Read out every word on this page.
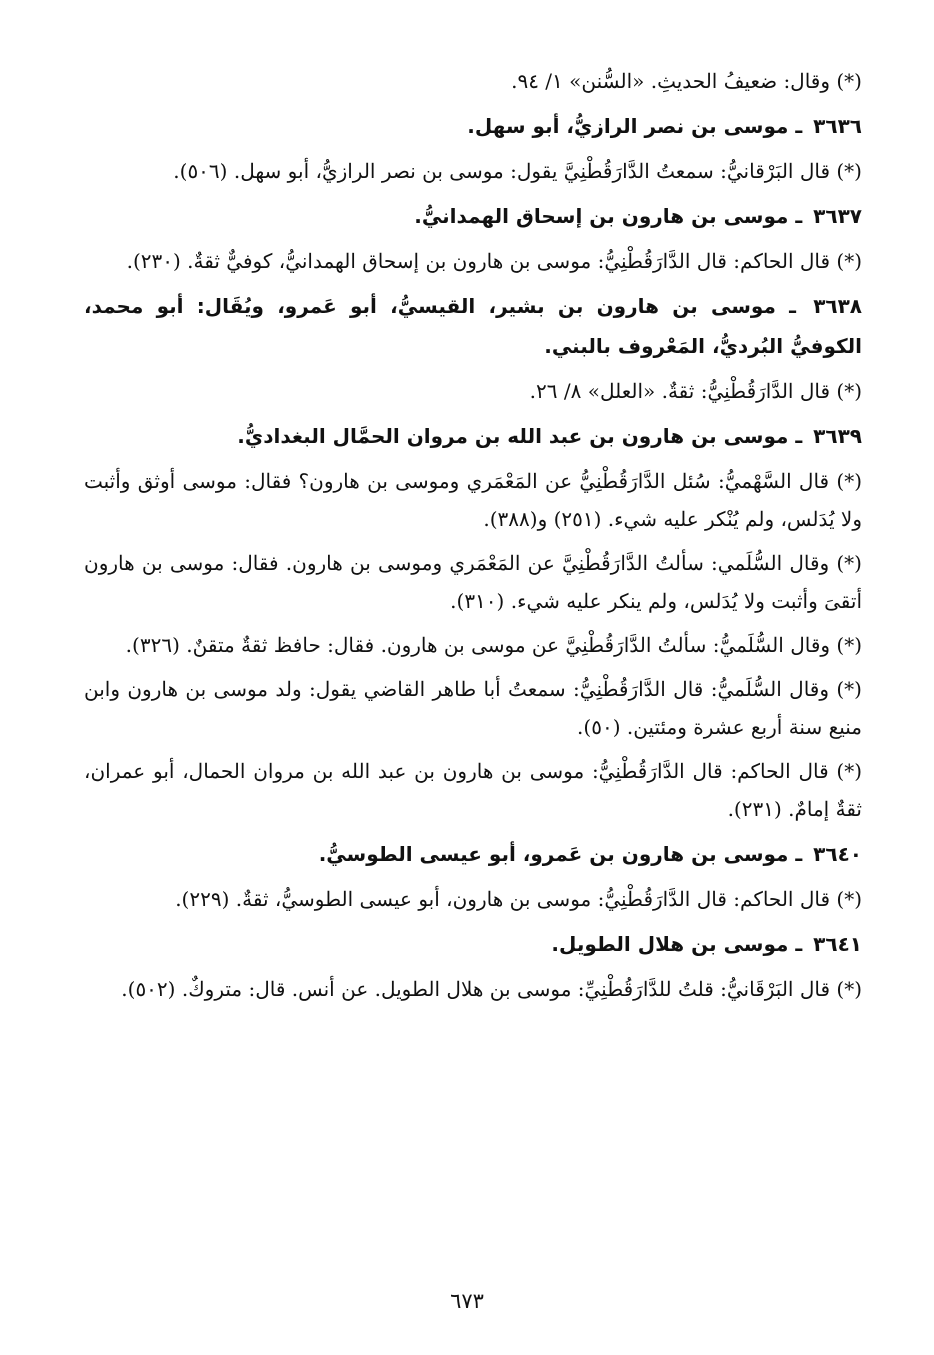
(*) وقال: ضعيفُ الحديثِ. «السُّنن» ١/ ٩٤.

٣٦٣٦ ـ موسى بن نصر الرازيُّ، أبو سهل.

(*) قال البَرْقانيُّ: سمعتُ الدَّارَقُطْنِيَّ يقول: موسى بن نصر الرازيُّ، أبو سهل. (٥٠٦).

٣٦٣٧ ـ موسى بن هارون بن إسحاق الهمدانيُّ.

(*) قال الحاكم: قال الدَّارَقُطْنِيُّ: موسى بن هارون بن إسحاق الهمدانيُّ، كوفيٌّ ثقةٌ. (٢٣٠).

٣٦٣٨ ـ موسى بن هارون بن بشير، القيسيُّ، أبو عَمرو، ويُقَال: أبو محمد، الكوفيُّ البُرديُّ، المَعْروف بالبني.

(*) قال الدَّارَقُطْنِيُّ: ثقةٌ. «العلل» ٨/ ٢٦.

٣٦٣٩ ـ موسى بن هارون بن عبد الله بن مروان الحمَّال البغداديُّ.

(*) قال السَّهْميُّ: سُئل الدَّارَقُطْنِيُّ عن المَعْمَري وموسى بن هارون؟ فقال: موسى أوثق وأثبت ولا يُدَلس، ولم يُنْكر عليه شيء. (٢٥١) و(٣٨٨).

(*) وقال السُّلَمي: سألتُ الدَّارَقُطْنِيَّ عن المَعْمَري وموسى بن هارون. فقال: موسى بن هارون أتقىَ وأثبت ولا يُدَلس، ولم ينكر عليه شيء. (٣١٠).

(*) وقال السُّلَميُّ: سألتُ الدَّارَقُطْنِيَّ عن موسى بن هارون. فقال: حافظ ثقةٌ متقنٌ. (٣٢٦).

(*) وقال السُّلَميُّ: قال الدَّارَقُطْنِيُّ: سمعتُ أبا طاهر القاضي يقول: ولد موسى بن هارون وابن منيع سنة أربع عشرة ومئتين. (٥٠).

(*) قال الحاكم: قال الدَّارَقُطْنِيُّ: موسى بن هارون بن عبد الله بن مروان الحمال، أبو عمران، ثقةٌ إمامٌ. (٢٣١).

٣٦٤٠ ـ موسى بن هارون بن عَمرو، أبو عيسى الطوسيُّ.

(*) قال الحاكم: قال الدَّارَقُطْنِيُّ: موسى بن هارون، أبو عيسى الطوسيُّ، ثقةٌ. (٢٢٩).

٣٦٤١ ـ موسى بن هلال الطويل.

(*) قال البَرْقَانيُّ: قلتُ للدَّارَقُطْنِيِّ: موسى بن هلال الطويل. عن أنس. قال: متروكٌ. (٥٠٢).

٦٧٣
